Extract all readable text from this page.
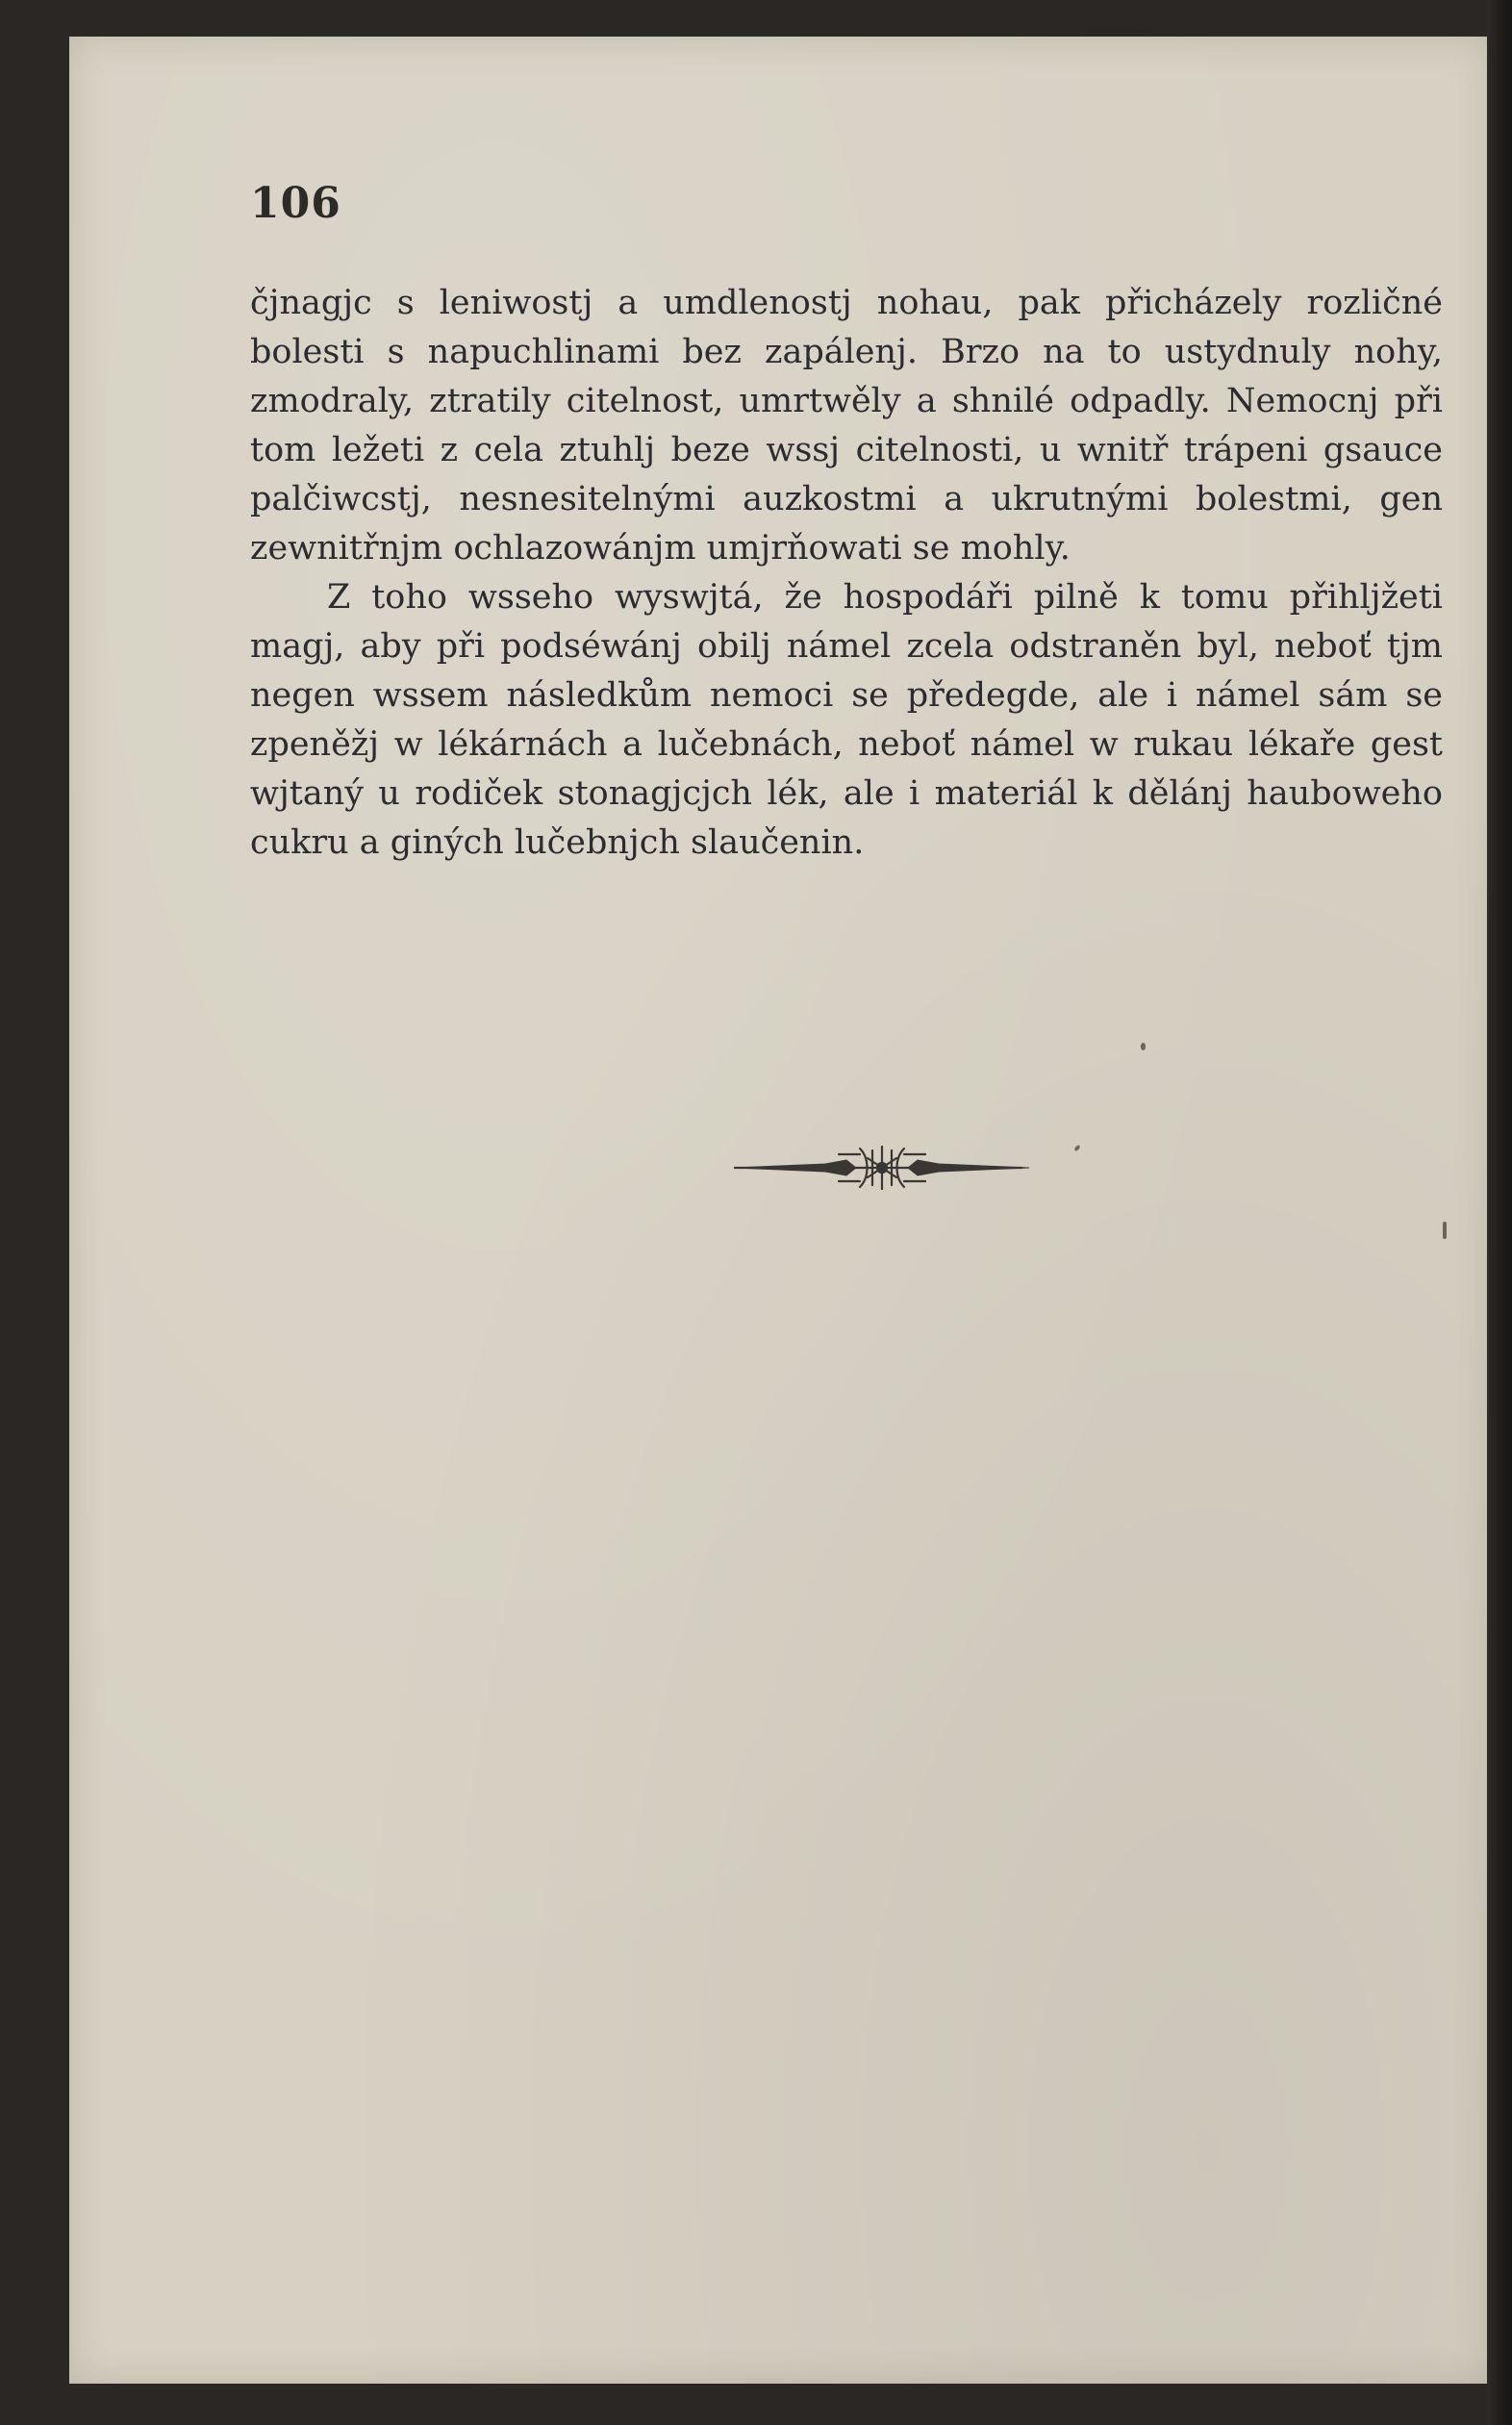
106

čjnagjc s leniwostj a umdlenostj nohau, pak přicházely rozličné bolesti s napuchlinami bez zapálenj. Brzo na to ustydnuly nohy, zmodraly, ztratily citelnost, umrtwěly a shnilé odpadly. Nemocnj při tom ležeti z cela ztuhlj beze wssj citelnosti, u wnitř trápeni gsauce palčiwcstj, nesnesitelnými auzkostmi a ukrutnými bolestmi, gen zewnitřnjm ochlazowánjm umjrňowati se mohly.

Z toho wsseho wyswjtá, že hospodáři pilně k tomu přihljžeti magj, aby při podséwánj obilj námel zcela odstraněn byl, neboť tjm negen wssem následkům nemoci se předegde, ale i námel sám se zpeněžj w lékárnách a lučebnách, neboť námel w rukau lékaře gest wjtaný u rodiček stonagjcjch lék, ale i materiál k dělánj hauboweho cukru a giných lučebnjch slaučenin.
